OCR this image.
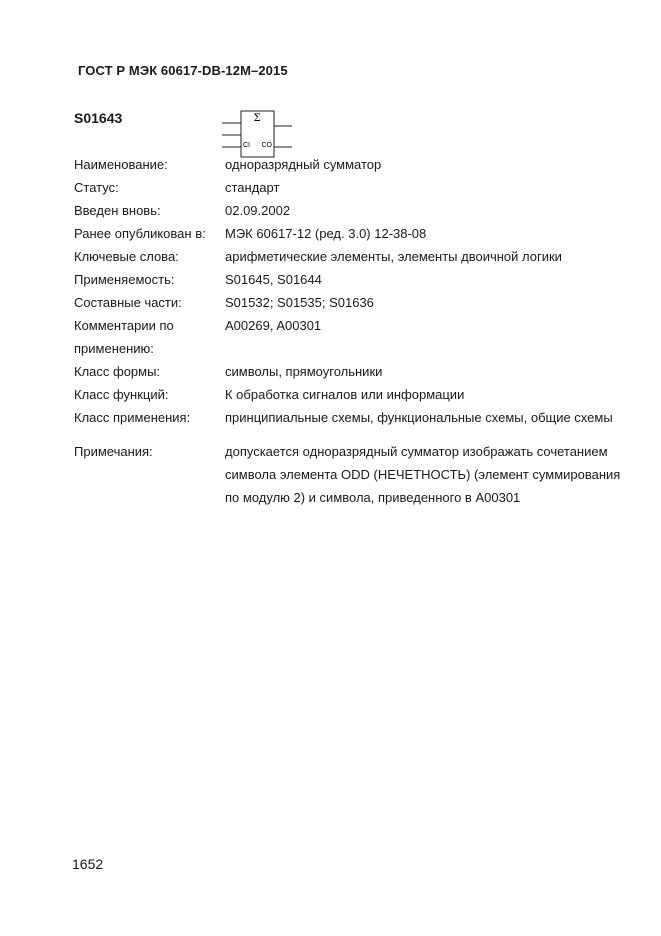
ГОСТ Р МЭК 60617-DB-12M–2015
S01643	Σ
CI CO
Наименование:	одноразрядный сумматор
Статус:	стандарт
Введен вновь:	02.09.2002
Ранее опубликован в:	МЭК 60617-12 (ред. 3.0) 12-38-08
Ключевые слова:	арифметические элементы, элементы двоичной логики
Применяемость:	S01645, S01644
Составные части:	S01532; S01535; S01636
Комментарии по	A00269, A00301
применению:
Класс формы:	символы, прямоугольники
Класс функций:	К обработка сигналов или информации
Класс применения:	принципиальные схемы, функциональные схемы, общие схемы
Примечания:	допускается одноразрядный сумматор изображать сочетанием
символа элемента ODD (НЕЧЕТНОСТЬ) (элемент суммирования
по модулю 2) и символа, приведенного в A00301
1652
